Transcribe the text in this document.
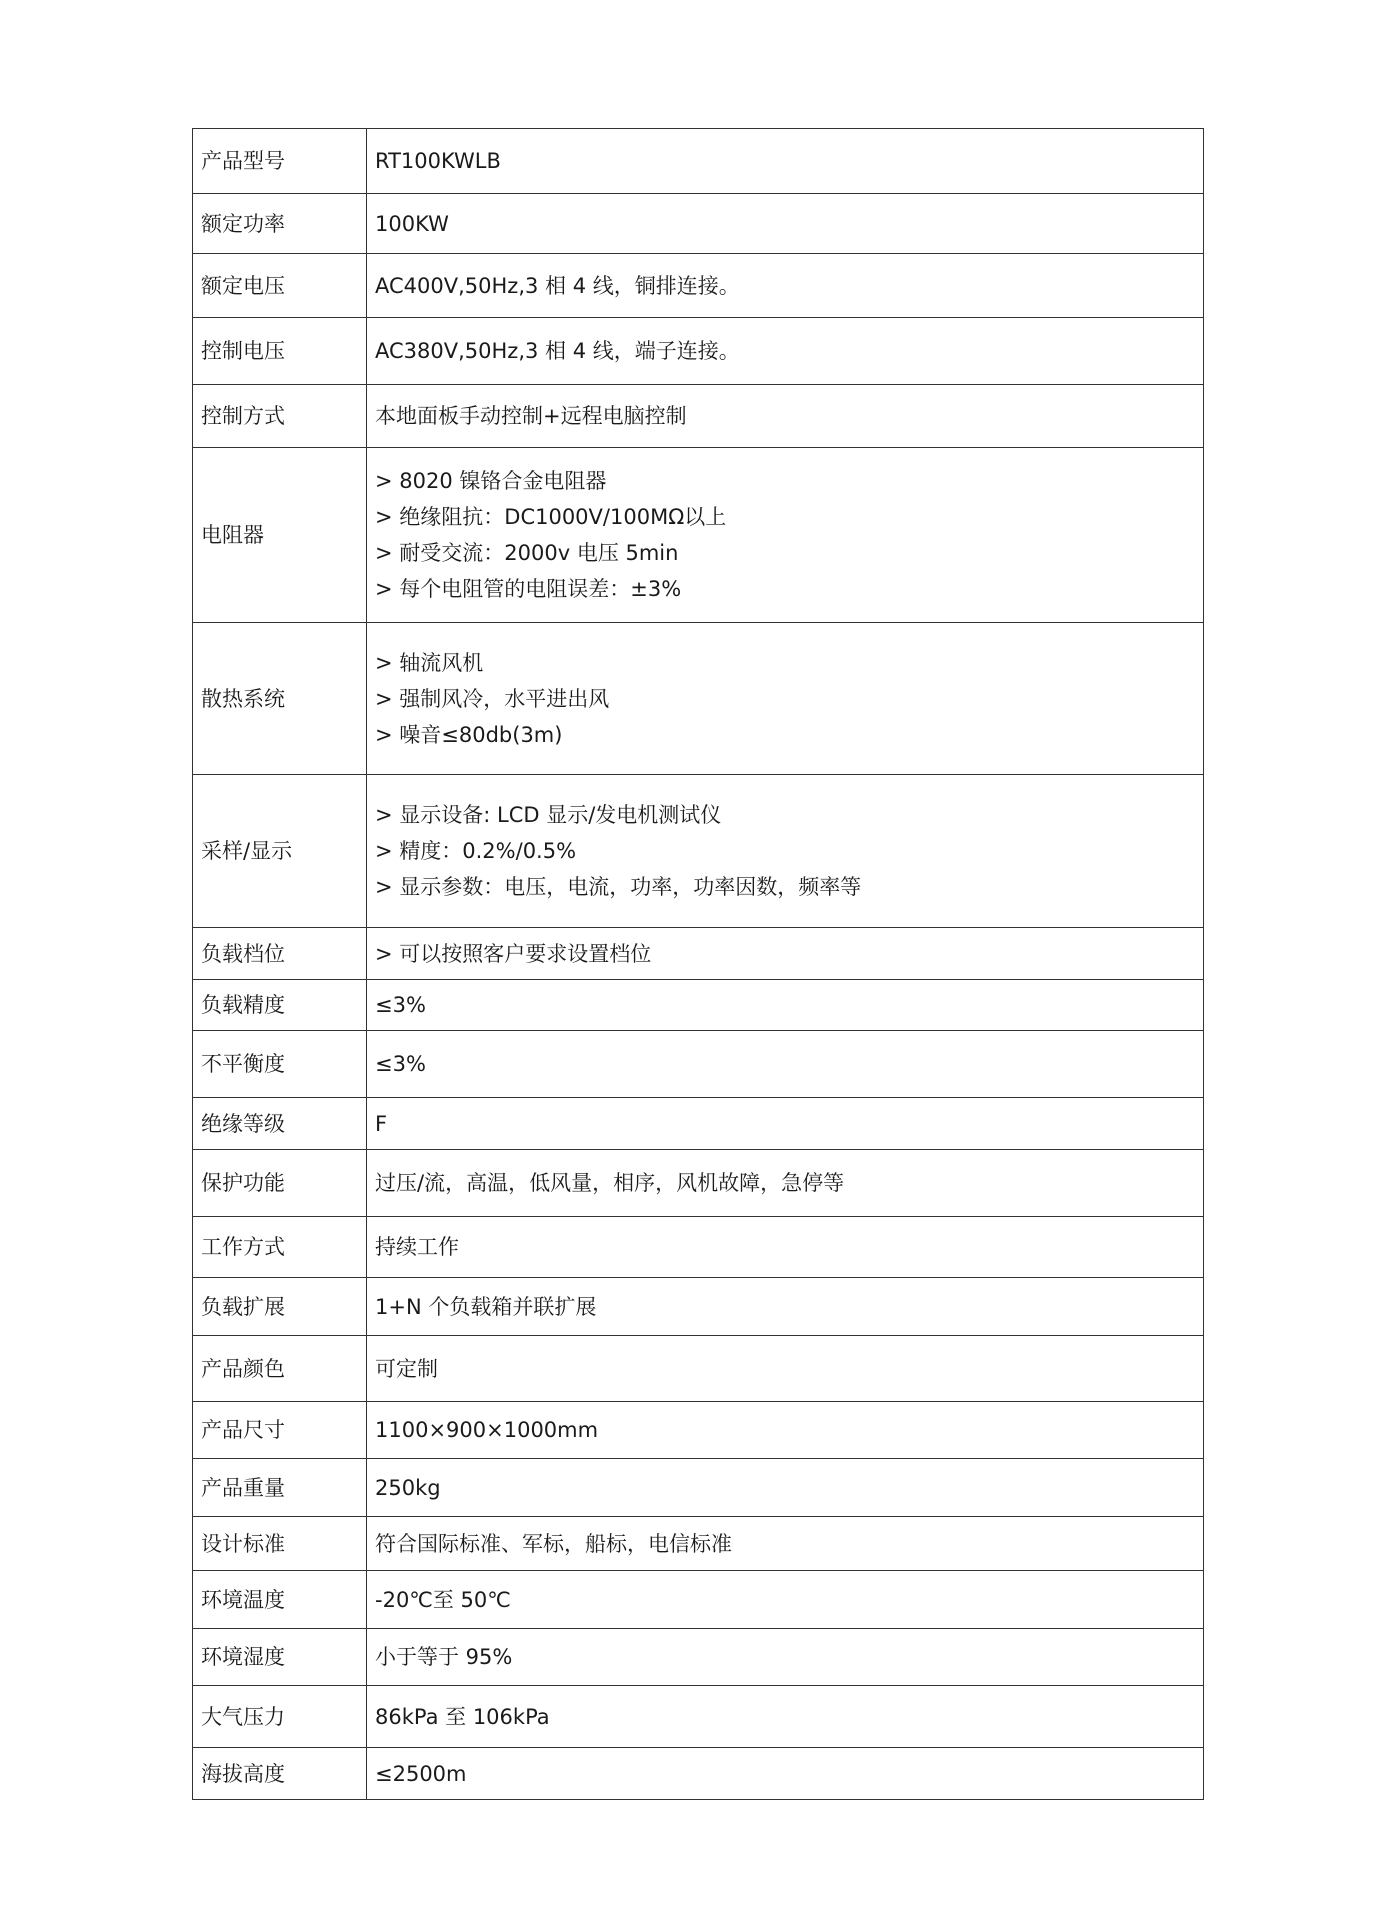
产品型号	RT100KWLB

额定功率	100KW

额定电压	AC400V,50Hz,3 相 4 线，铜排连接。

控制电压	AC380V,50Hz,3 相 4 线，端子连接。

控制方式	本地面板手动控制+远程电脑控制

电阻器	> 8020 镍铬合金电阻器
> 绝缘阻抗：DC1000V/100MΩ以上
> 耐受交流：2000v 电压 5min
> 每个电阻管的电阻误差：±3%

散热系统	> 轴流风机
> 强制风冷，水平进出风
> 噪音≤80db(3m)

采样/显示	> 显示设备: LCD 显示/发电机测试仪
> 精度：0.2%/0.5%
> 显示参数：电压，电流，功率，功率因数，频率等

负载档位	> 可以按照客户要求设置档位

负载精度	≤3%

不平衡度	≤3%

绝缘等级	F

保护功能	过压/流，高温，低风量，相序，风机故障，急停等

工作方式	持续工作

负载扩展	1+N 个负载箱并联扩展

产品颜色	可定制

产品尺寸	1100×900×1000mm

产品重量	250kg

设计标准	符合国际标准、军标，船标，电信标准

环境温度	-20℃至 50℃

环境湿度	小于等于 95%

大气压力	86kPa 至 106kPa

海拔高度	≤2500m
